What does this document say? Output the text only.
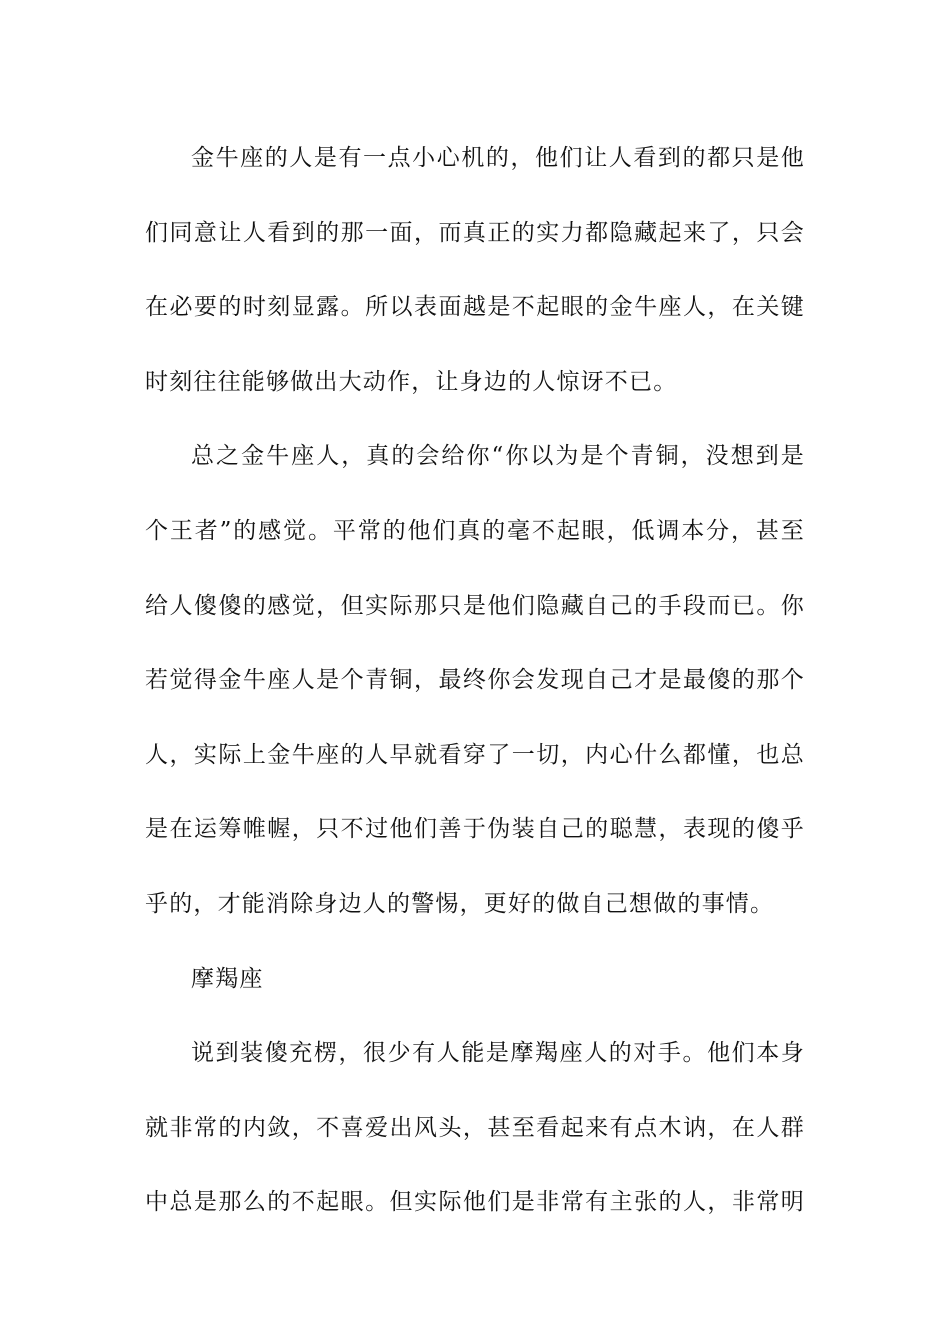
金牛座的人是有一点小心机的，他们让人看到的都只是他
们同意让人看到的那一面，而真正的实力都隐藏起来了，只会
在必要的时刻显露。所以表面越是不起眼的金牛座人，在关键
时刻往往能够做出大动作，让身边的人惊讶不已。
总之金牛座人，真的会给你“你以为是个青铜，没想到是
个王者”的感觉。平常的他们真的毫不起眼，低调本分，甚至
给人傻傻的感觉，但实际那只是他们隐藏自己的手段而已。你
若觉得金牛座人是个青铜，最终你会发现自己才是最傻的那个
人，实际上金牛座的人早就看穿了一切，内心什么都懂，也总
是在运筹帷幄，只不过他们善于伪装自己的聪慧，表现的傻乎
乎的，才能消除身边人的警惕，更好的做自己想做的事情。
摩羯座
说到装傻充楞，很少有人能是摩羯座人的对手。他们本身
就非常的内敛，不喜爱出风头，甚至看起来有点木讷，在人群
中总是那么的不起眼。但实际他们是非常有主张的人，非常明
